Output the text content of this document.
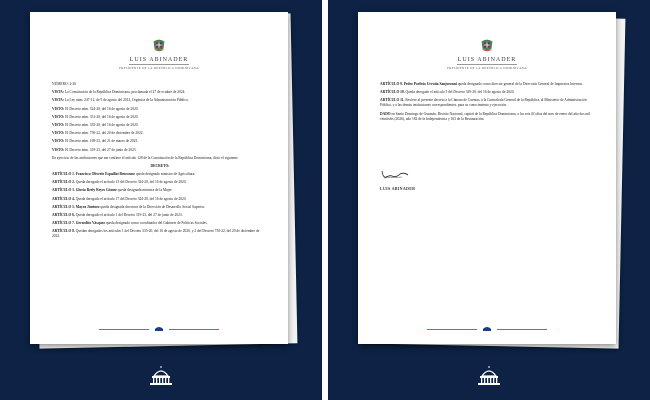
LUIS ABINADER
PRESIDENTE DE LA REPÚBLICA DOMINICANA

NÚMERO: 2-26

VISTA: La Constitución de la República Dominicana, proclamada el 27 de octubre de 2024.

VISTA: La Ley núm. 247-12, de 9 de agosto del 2012, Orgánica de la Administración Pública.

VISTO: El Decreto núm. 324-20, del 16 de agosto de 2020.

VISTO: El Decreto núm. 331-20, del 16 de agosto de 2020.

VISTO: El Decreto núm. 335-20, del 16 de agosto de 2020.

VISTO: El Decreto núm. 750-22, del 20 de diciembre de 2022.

VISTO: El Decreto núm. 169-23, del 21 de marzo de 2023.

VISTO: El Decreto núm. 319-23, del 27 de junio de 2023.

En ejercicio de las atribuciones que me confiere el artículo 128 de la Constitución de la República Dominicana, dicto el siguiente

DECRETO:

ARTÍCULO 1. Francisco Oliverio Espaillat Bencosme queda designado ministro de Agricultura.

ARTÍCULO 2. Queda derogado el artículo 13 del Decreto 324-20, del 16 de agosto de 2020.

ARTÍCULO 3. Gloria Reely Reyes Gómez queda designada ministra de la Mujer.

ARTÍCULO 4. Queda derogado el artículo 17 del Decreto 324-20, del 16 de agosto de 2020.

ARTÍCULO 5. Mayra Jiménez queda designada directora de la Dirección de Desarrollo Social Superior.

ARTÍCULO 6. Queda derogado el artículo 1 del Decreto 319-23, del 27 de junio de 2023.

ARTÍCULO 7. Gerardito Vásquez queda designado como coordinador del Gabinete de Políticas Sociales.

ARTÍCULO 8. Quedan derogados los artículos 1 del Decreto 335-20, del 16 de agosto de 2020, y 2 del Decreto 750-22, del 20 de diciembre de 2022.

LUIS ABINADER
PRESIDENTE DE LA REPÚBLICA DOMINICANA

ARTÍCULO 9. Pedro Porfirio Urrutia Sanjuronni queda designado como director general de la Dirección General de Impuestos Internos.

ARTÍCULO 10. Queda derogado el artículo 5 del Decreto 329-20, del 16 de agosto de 2020.

ARTÍCULO 11. Envíese al presente decreto a la Cámara de Cuentas, a la Contraloría General de la República, al Ministerio de Administración Pública, y a las demás instituciones correspondientes, para su conocimiento y ejecución.

DADO en Santo Domingo de Guzmán, Distrito Nacional, capital de la República Dominicana, a los seis (6) días del mes de enero del año dos mil veintiséis (2026), año 182 de la Independencia y 163 de la Restauración.

LUIS ABINADER
